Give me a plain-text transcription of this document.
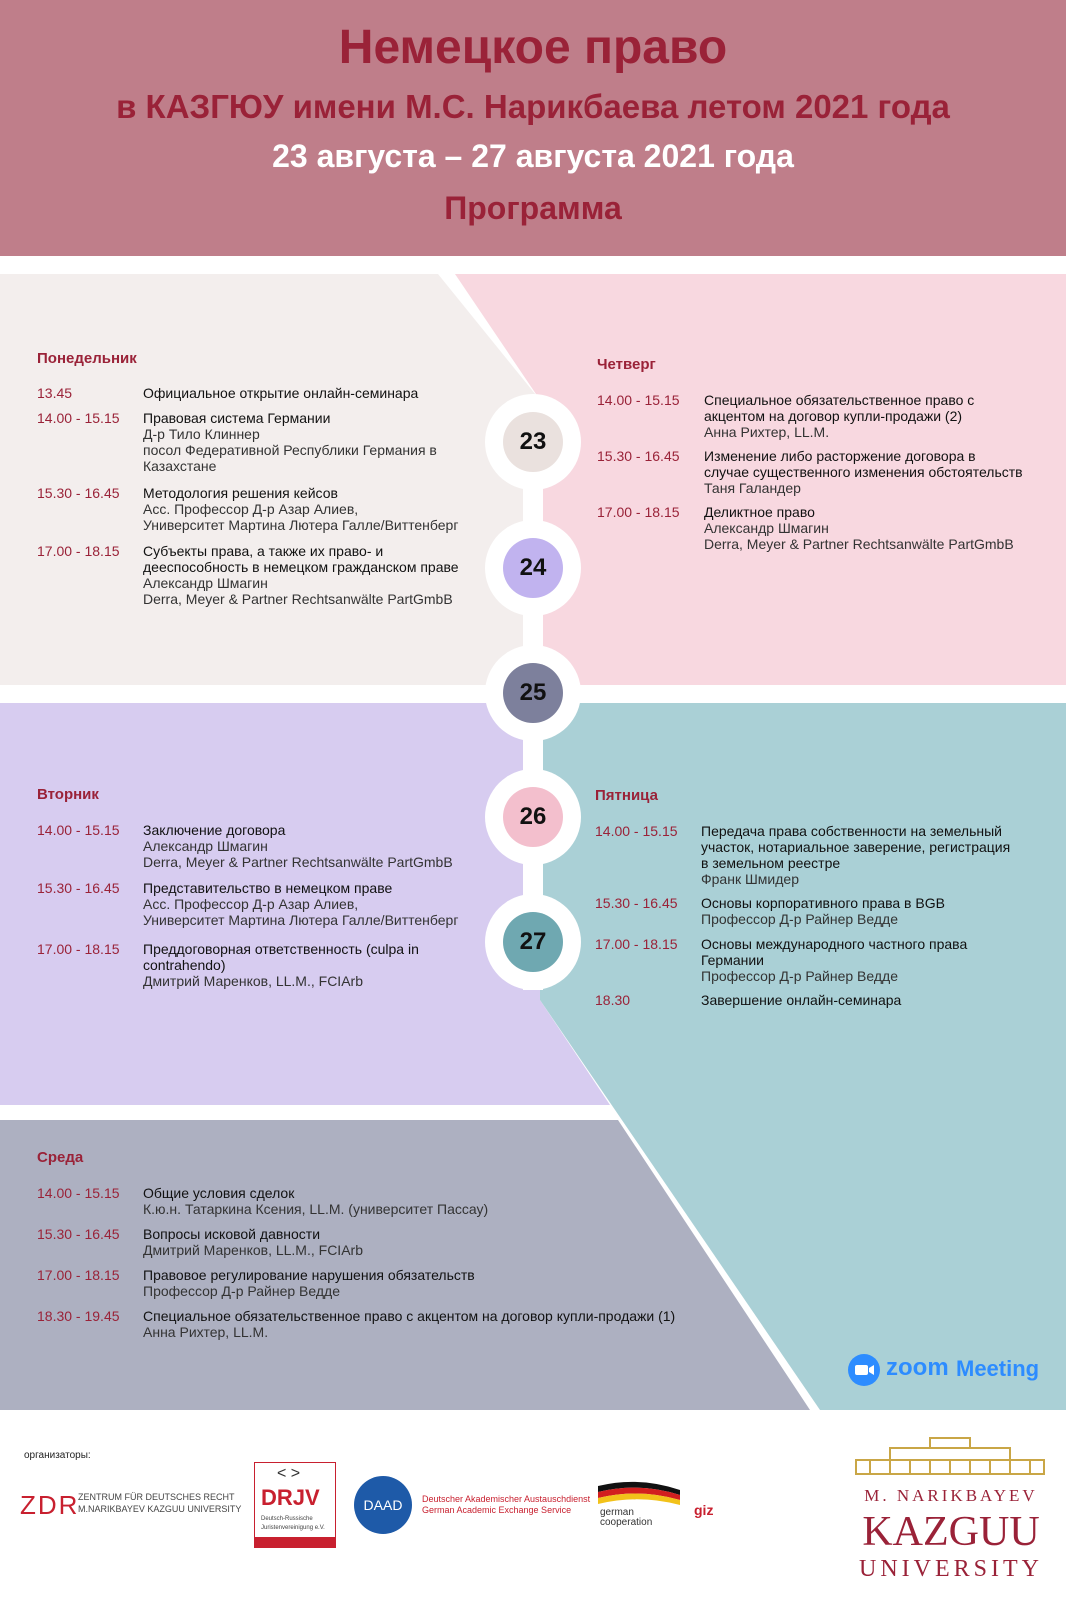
Немецкое право
в КАЗГЮУ имени М.С. Нарикбаева летом 2021 года
23 августа – 27 августа 2021 года
Программа
23
24
25
26
27
Понедельник
13.45	Официальное открытие онлайн-семинара
14.00 - 15.15 Правовая система Германии
Д-р Тило Клиннер
посол Федеративной Республики Германия в
Казахстане
15.30 - 16.45 Методология решения кейсов
Асс. Профессор Д-р Азар Алиев,
Университет Мартина Лютера Галле/Виттенберг
17.00 - 18.15 Субъекты права, а также их право- и
дееспособность в немецком гражданском праве
Александр Шмагин
Derra, Meyer & Partner Rechtsanwälte PartGmbB
Четверг
14.00 - 15.15 Специальное обязательственное право с
акцентом на договор купли-продажи (2)
Анна Рихтер, LL.M.
15.30 - 16.45 Изменение либо расторжение договора в
случае существенного изменения обстоятельств
Таня Галандер
17.00 - 18.15 Деликтное право
Александр Шмагин
Derra, Meyer & Partner Rechtsanwälte PartGmbB
Вторник
14.00 - 15.15 Заключение договора
Александр Шмагин
Derra, Meyer & Partner Rechtsanwälte PartGmbB
15.30 - 16.45 Представительство в немецком праве
Асс. Профессор Д-р Азар Алиев,
Университет Мартина Лютера Галле/Виттенберг
17.00 - 18.15 Преддоговорная ответственность (culpa in
contrahendo)
Дмитрий Маренков, LL.M., FCIArb
Пятница
14.00 - 15.15 Передача права собственности на земельный
участок, нотариальное заверение, регистрация
в земельном реестре
Франк Шмидер
15.30 - 16.45 Основы корпоративного права в BGB
Профессор Д-р Райнер Ведде
17.00 - 18.15 Основы международного частного права
Германии
Профессор Д-р Райнер Ведде
18.30	Завершение онлайн-семинара
Среда
14.00 - 15.15 Общие условия сделок
К.ю.н. Татаркина Ксения, LL.M. (университет Пассау)
15.30 - 16.45 Вопросы исковой давности
Дмитрий Маренков, LL.M., FCIArb
17.00 - 18.15 Правовое регулирование нарушения обязательств
Профессор Д-р Райнер Ведде
18.30 - 19.45 Специальное обязательственное право с акцентом на договор купли-продажи (1)
Анна Рихтер, LL.M.
zoom Meeting
организаторы:
ZDR
ZENTRUM FÜR DEUTSCHES RECHT
M.NARIKBAYEV KAZGUU UNIVERSITY
< >
DRJV
Deutsch-Russische
Juristenvereinigung e.V.
DAAD	Deutscher Akademischer Austauschdienst
German Academic Exchange Service	german
cooperation
giz
M. NARIKBAYEV
KAZGUU
UNIVERSITY
